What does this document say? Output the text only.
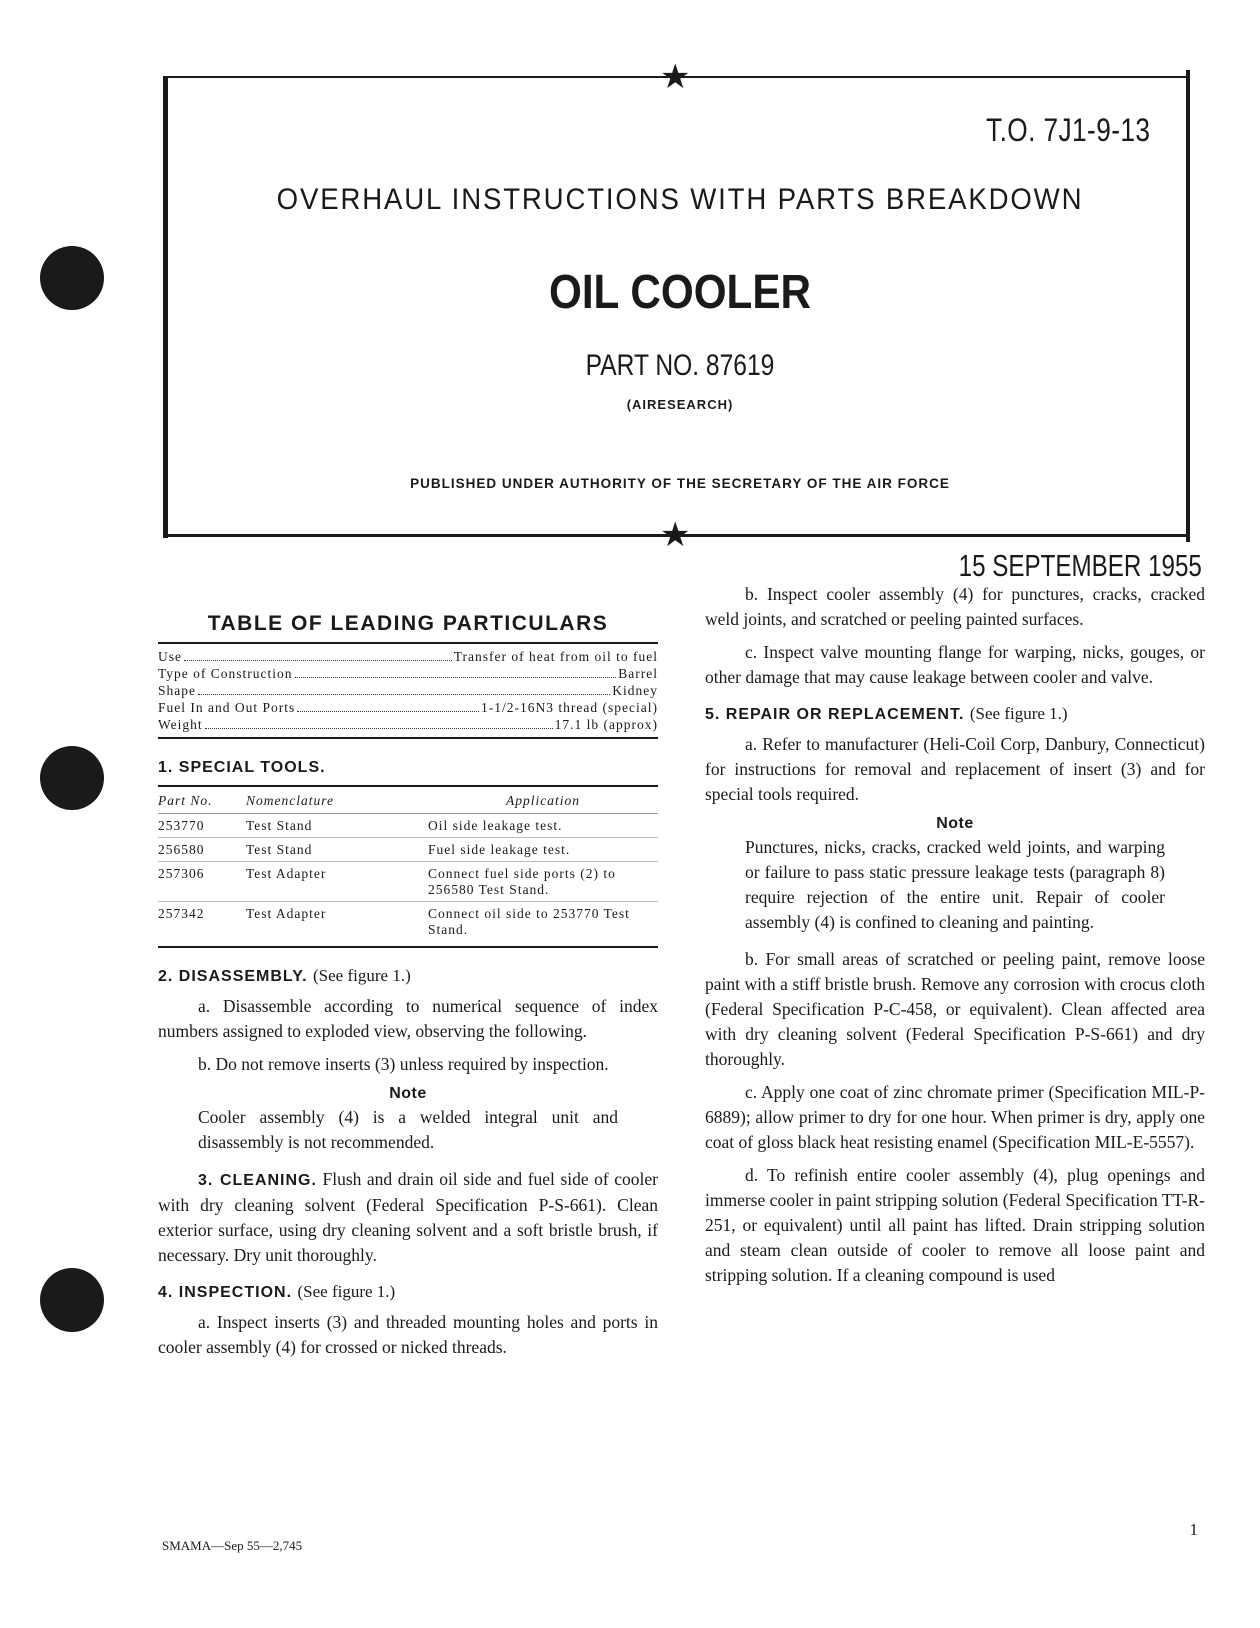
★
★
T.O. 7J1-9-13
OVERHAUL INSTRUCTIONS WITH PARTS BREAKDOWN
OIL COOLER
PART NO. 87619
(AIRESEARCH)
PUBLISHED UNDER AUTHORITY OF THE SECRETARY OF THE AIR FORCE
15 SEPTEMBER 1955
TABLE OF LEADING PARTICULARS
Use	Transfer of heat from oil to fuel
Type of Construction	Barrel
Shape	Kidney
Fuel In and Out Ports	1-1/2-16N3 thread (special)
Weight	17.1 lb (approx)
1. SPECIAL TOOLS.
Part No.	Nomenclature	Application
253770	Test Stand	Oil side leakage test.
256580	Test Stand	Fuel side leakage test.
257306	Test Adapter	Connect fuel side ports (2) to 256580 Test Stand.
257342	Test Adapter	Connect oil side to 253770 Test Stand.
2. DISASSEMBLY. (See figure 1.)

a. Disassemble according to numerical sequence of index numbers assigned to exploded view, observing the following.

b. Do not remove inserts (3) unless required by inspection.

Note
Cooler assembly (4) is a welded integral unit and disassembly is not recommended.

3. CLEANING. Flush and drain oil side and fuel side of cooler with dry cleaning solvent (Federal Specification P-S-661). Clean exterior surface, using dry cleaning solvent and a soft bristle brush, if necessary. Dry unit thoroughly.

4. INSPECTION. (See figure 1.)

a. Inspect inserts (3) and threaded mounting holes and ports in cooler assembly (4) for crossed or nicked threads.

b. Inspect cooler assembly (4) for punctures, cracks, cracked weld joints, and scratched or peeling painted surfaces.

c. Inspect valve mounting flange for warping, nicks, gouges, or other damage that may cause leakage between cooler and valve.

5. REPAIR OR REPLACEMENT. (See figure 1.)

a. Refer to manufacturer (Heli-Coil Corp, Danbury, Connecticut) for instructions for removal and replacement of insert (3) and for special tools required.

Note
Punctures, nicks, cracks, cracked weld joints, and warping or failure to pass static pressure leakage tests (paragraph 8) require rejection of the entire unit. Repair of cooler assembly (4) is confined to cleaning and painting.

b. For small areas of scratched or peeling paint, remove loose paint with a stiff bristle brush. Remove any corrosion with crocus cloth (Federal Specification P-C-458, or equivalent). Clean affected area with dry cleaning solvent (Federal Specification P-S-661) and dry thoroughly.

c. Apply one coat of zinc chromate primer (Specification MIL-P-6889); allow primer to dry for one hour. When primer is dry, apply one coat of gloss black heat resisting enamel (Specification MIL-E-5557).

d. To refinish entire cooler assembly (4), plug openings and immerse cooler in paint stripping solution (Federal Specification TT-R-251, or equivalent) until all paint has lifted. Drain stripping solution and steam clean outside of cooler to remove all loose paint and stripping solution. If a cleaning compound is used

SMAMA—Sep 55—2,745
1
